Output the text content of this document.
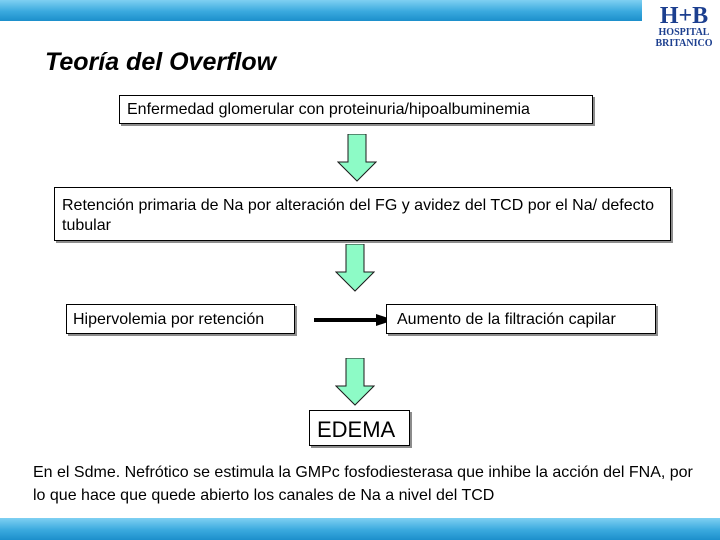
H+B
HOSPITAL
BRITANICO
Teoría del Overflow
Enfermedad glomerular con proteinuria/hipoalbuminemia
Retención primaria de Na por alteración del FG y avidez del TCD por el Na/ defecto tubular
Hipervolemia por retención	Aumento de la filtración capilar
EDEMA
En el Sdme. Nefrótico se estimula la GMPc fosfodiesterasa que inhibe la acción del FNA, por lo que hace que quede abierto los canales de Na a nivel del TCD
